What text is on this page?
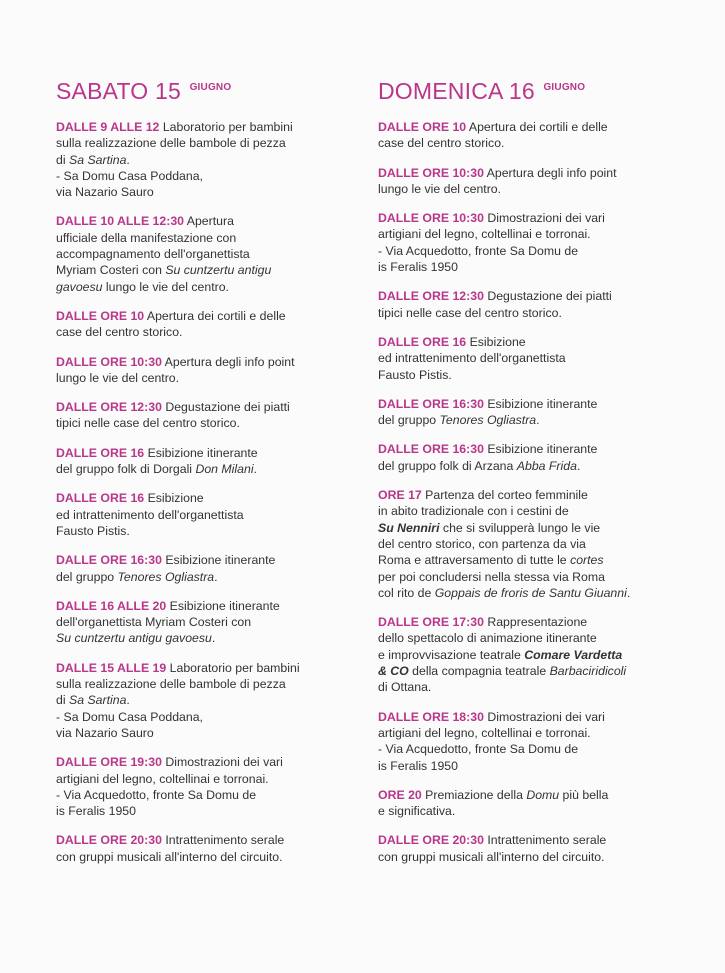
SABATO 15 $^{GIUGNO}$

DALLE 9 ALLE 12 Laboratorio per bambini
sulla realizzazione delle bambole di pezza
di Sa Sartina.
- Sa Domu Casa Poddana,
via Nazario Sauro

DALLE 10 ALLE 12:30 Apertura
ufficiale della manifestazione con
accompagnamento dell'organettista
Myriam Costeri con Su cuntzertu antigu
gavoesu lungo le vie del centro.

DALLE ORE 10 Apertura dei cortili e delle
case del centro storico.

DALLE ORE 10:30 Apertura degli info point
lungo le vie del centro.

DALLE ORE 12:30 Degustazione dei piatti
tipici nelle case del centro storico.

DALLE ORE 16 Esibizione itinerante
del gruppo folk di Dorgali Don Milani.

DALLE ORE 16 Esibizione
ed intrattenimento dell'organettista
Fausto Pistis.

DALLE ORE 16:30 Esibizione itinerante
del gruppo Tenores Ogliastra.

DALLE 16 ALLE 20 Esibizione itinerante
dell'organettista Myriam Costeri con
Su cuntzertu antigu gavoesu.

DALLE 15 ALLE 19 Laboratorio per bambini
sulla realizzazione delle bambole di pezza
di Sa Sartina.
- Sa Domu Casa Poddana,
via Nazario Sauro

DALLE ORE 19:30 Dimostrazioni dei vari
artigiani del legno, coltellinai e torronai.
- Via Acquedotto, fronte Sa Domu de
is Feralis 1950

DALLE ORE 20:30 Intrattenimento serale
con gruppi musicali all'interno del circuito.

DOMENICA 16 $^{GIUGNO}$

DALLE ORE 10 Apertura dei cortili e delle
case del centro storico.

DALLE ORE 10:30 Apertura degli info point
lungo le vie del centro.

DALLE ORE 10:30 Dimostrazioni dei vari
artigiani del legno, coltellinai e torronai.
- Via Acquedotto, fronte Sa Domu de
is Feralis 1950

DALLE ORE 12:30 Degustazione dei piatti
tipici nelle case del centro storico.

DALLE ORE 16 Esibizione
ed intrattenimento dell'organettista
Fausto Pistis.

DALLE ORE 16:30 Esibizione itinerante
del gruppo Tenores Ogliastra.

DALLE ORE 16:30 Esibizione itinerante
del gruppo folk di Arzana Abba Frida.

ORE 17 Partenza del corteo femminile
in abito tradizionale con i cestini de
Su Nenniri che si svilupperà lungo le vie
del centro storico, con partenza da via
Roma e attraversamento di tutte le cortes
per poi concludersi nella stessa via Roma
col rito de Goppais de froris de Santu Giuanni.

DALLE ORE 17:30 Rappresentazione
dello spettacolo di animazione itinerante
e improvvisazione teatrale Comare Vardetta
& CO della compagnia teatrale Barbaciridicoli
di Ottana.

DALLE ORE 18:30 Dimostrazioni dei vari
artigiani del legno, coltellinai e torronai.
- Via Acquedotto, fronte Sa Domu de
is Feralis 1950

ORE 20 Premiazione della Domu più bella
e significativa.

DALLE ORE 20:30 Intrattenimento serale
con gruppi musicali all'interno del circuito.
